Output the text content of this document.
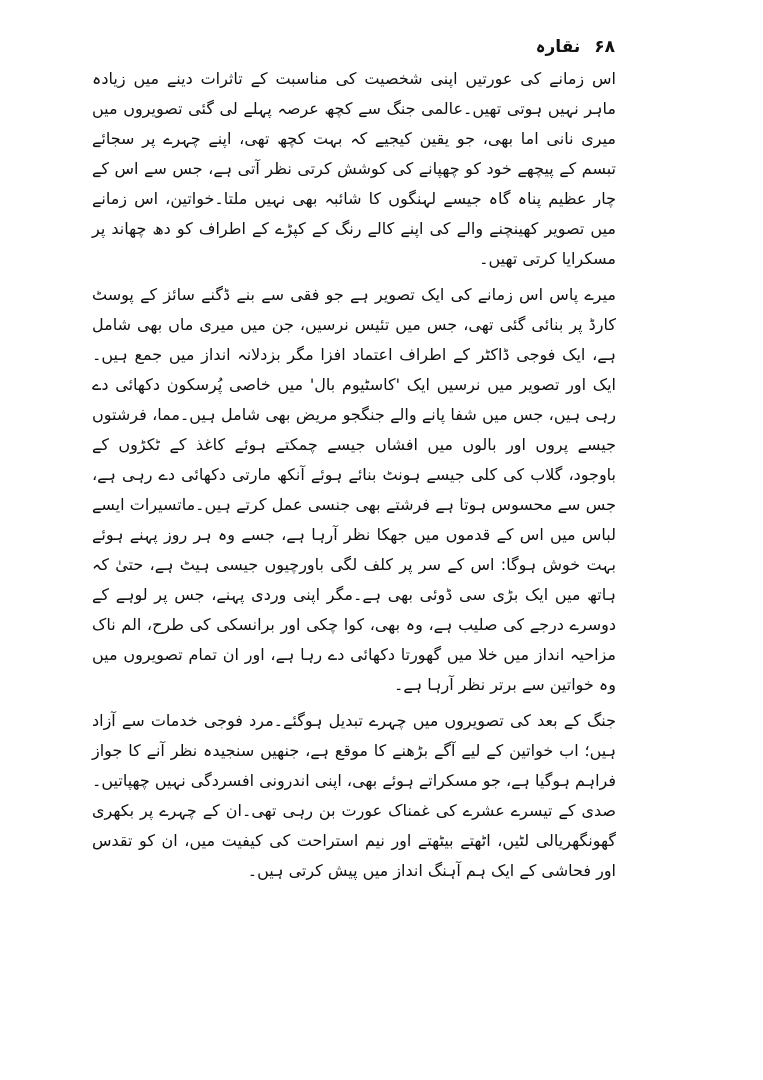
۶۸ نقارہ

اس زمانے کی عورتیں اپنی شخصیت کی مناسبت کے تاثرات دینے میں زیادہ ماہر نہیں ہوتی تھیں۔عالمی جنگ سے کچھ عرصہ پہلے لی گئی تصویروں میں میری نانی اما بھی، جو یقین کیجیے کہ بہت کچھ تھی، اپنے چہرے پر سجائے تبسم کے پیچھے خود کو چھپانے کی کوشش کرتی نظر آتی ہے، جس سے اس کے چار عظیم پناہ گاہ جیسے لہنگوں کا شائبہ بھی نہیں ملتا۔خواتین، اس زمانے میں تصویر کھینچنے والے کی اپنے کالے رنگ کے کپڑے کے اطراف کو دھ چھاند پر مسکرایا کرتی تھیں۔

میرے پاس اس زمانے کی ایک تصویر ہے جو فقی سے بنے ڈگنے سائز کے پوسٹ کارڈ پر بنائی گئی تھی، جس میں تئیس نرسیں، جن میں میری ماں بھی شامل ہے، ایک فوجی ڈاکٹر کے اطراف اعتماد افزا مگر بزدلانہ انداز میں جمع ہیں۔ایک اور تصویر میں نرسیں ایک 'کاسٹیوم بال' میں خاصی پُرسکون دکھائی دے رہی ہیں، جس میں شفا پانے والے جنگجو مریض بھی شامل ہیں۔مما، فرشتوں جیسے پروں اور بالوں میں افشاں جیسے چمکتے ہوئے کاغذ کے ٹکڑوں کے باوجود، گلاب کی کلی جیسے ہونٹ بنائے ہوئے آنکھ مارتی دکھائی دے رہی ہے، جس سے محسوس ہوتا ہے فرشتے بھی جنسی عمل کرتے ہیں۔ماتسیرات ایسے لباس میں اس کے قدموں میں جھکا نظر آرہا ہے، جسے وہ ہر روز پہنے ہوئے بہت خوش ہوگا: اس کے سر پر کلف لگی باورچیوں جیسی ہیٹ ہے، حتیٰ کہ ہاتھ میں ایک بڑی سی ڈوئی بھی ہے۔مگر اپنی وردی پہنے، جس پر لوہے کے دوسرے درجے کی صلیب ہے، وہ بھی، کوا چکی اور برانسکی کی طرح، الم ناک مزاحیہ انداز میں خلا میں گھورتا دکھائی دے رہا ہے، اور ان تمام تصویروں میں وہ خواتین سے برتر نظر آرہا ہے۔

جنگ کے بعد کی تصویروں میں چہرے تبدیل ہوگئے۔مرد فوجی خدمات سے آزاد ہیں؛ اب خواتین کے لیے آگے بڑھنے کا موقع ہے، جنھیں سنجیدہ نظر آنے کا جواز فراہم ہوگیا ہے، جو مسکراتے ہوئے بھی، اپنی اندرونی افسردگی نہیں چھپاتیں۔صدی کے تیسرے عشرے کی غمناک عورت بن رہی تھی۔ان کے چہرے پر بکھری گھونگھریالی لٹیں، اٹھتے بیٹھتے اور نیم استراحت کی کیفیت میں، ان کو تقدس اور فحاشی کے ایک ہم آہنگ انداز میں پیش کرتی ہیں۔
